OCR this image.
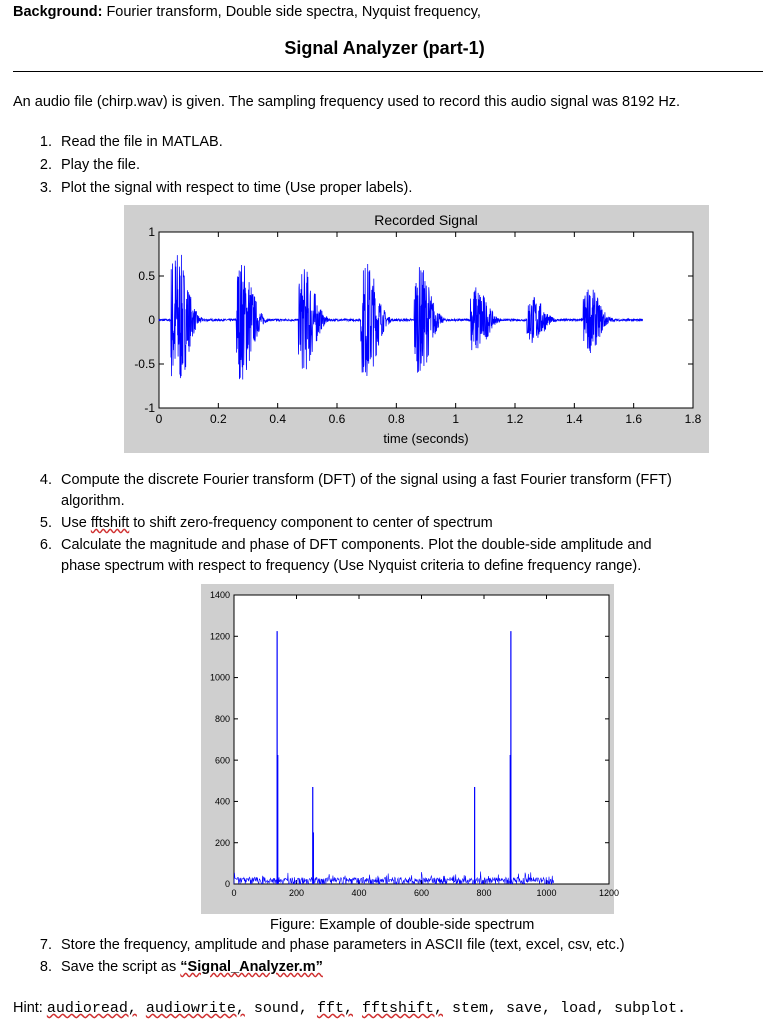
Background: Fourier transform, Double side spectra, Nyquist frequency,
Signal Analyzer (part-1)
An audio file (chirp.wav) is given. The sampling frequency used to record this audio signal was 8192 Hz.
1. Read the file in MATLAB.
2. Play the file.
3. Plot the signal with respect to time (Use proper labels).
Recorded Signal
0	0.2	0.4	0.6	0.8	1	1.2	1.4	1.6	1.8
1
0.5
0
-0.5
-1
time (seconds)
4. Compute the discrete Fourier transform (DFT) of the signal using a fast Fourier transform (FFT)
algorithm.
5. Use fftshift to shift zero-frequency component to center of spectrum
6. Calculate the magnitude and phase of DFT components. Plot the double-side amplitude and
phase spectrum with respect to frequency (Use Nyquist criteria to define frequency range).
0	200	400	600	800	1000	1200
1400
1200
1000
800
600
400
200
0
Figure: Example of double-side spectrum
7. Store the frequency, amplitude and phase parameters in ASCII file (text, excel, csv, etc.)
8. Save the script as “Signal_Analyzer.m”
Hint: audioread, audiowrite, sound, fft, fftshift, stem, save, load, subplot.
